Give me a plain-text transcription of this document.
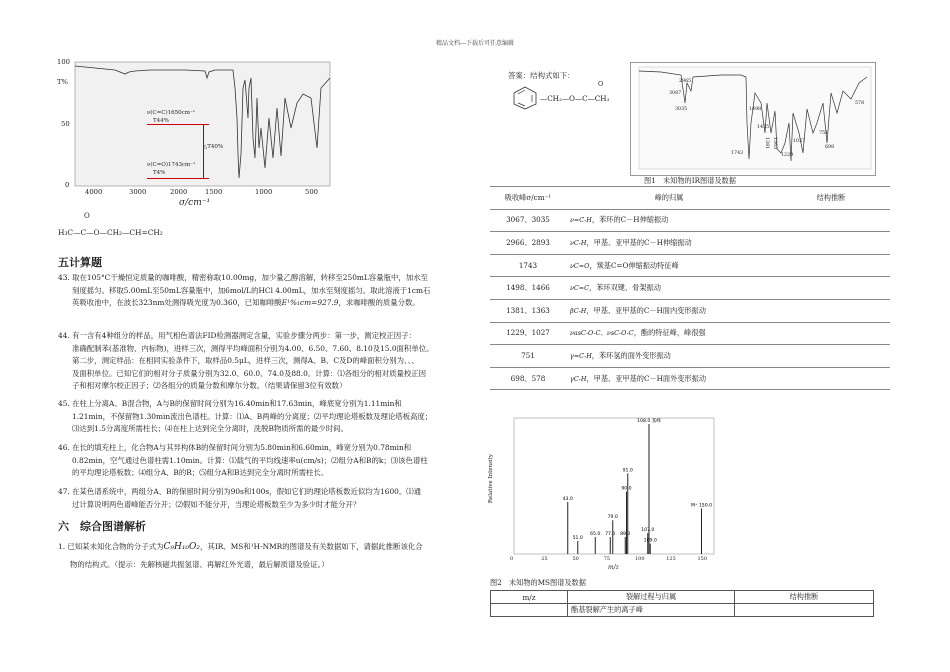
精品文档---下载后可任意编辑
100
T%
50
0
4000	3000	2000	1500	1000	500
σ/cm⁻¹
ν(C=C)1650cm⁻¹
T44%
△T40%
ν(C=O)1743cm⁻¹
T4%
O
H₃C—C—O—CH₂—CH=CH₂
五计算题
43. 取在105°C干燥恒定质量的咖啡酸，精密称取10.00mg，加少量乙醇溶解，转移至250mL容量瓶中，加水至
刻度摇匀。移取5.00mL至50mL容量瓶中，加6mol/L的HCl 4.00mL，加水至刻度摇匀。取此溶液于1cm石
英吸收池中，在波长323nm处测得吸光度为0.360，已知咖啡酸E¹%₁cm=927.9，求咖啡酸的质量分数。
44. 有一含有4种组分的样品，用气相色谱法FID检测器测定含量，实验步骤分两步：第一步，测定校正因子：
准确配制苯(基准物、内标物)，进样三次，测得平均峰面积分别为4.00、6.50、7.60、8.10及15.0面积单位。
第二步，测定样品：在相同实验条件下，取样品0.5μL，进样三次，测得A、B、C及D的峰面积分别为、、、
及面积单位。已知它们的相对分子质量分别为32.0、60.0、74.0及88.0。计算：⑴各组分的相对质量校正因
子和相对摩尔校正因子；⑵各组分的质量分数和摩尔分数。（结果请保留3位有效数）
45. 在柱上分离A、B混合物，A与B的保留时间分别为16.40min和17.63min，峰底宽分别为1.11min和
1.21min，不保留物1.30min流出色谱柱。计算：⑴A、B两峰的分离度；⑵平均理论塔板数及理论塔板高度；
⑶达到1.5分离度所需柱长；⑷在柱上达到完全分离时，洗脱B物质所需的最少时间。
46. 在长的填充柱上，化合物A与其异构体B的保留时间分别为5.80min和6.60min，峰宽分别为0.78min和
0.82min，空气通过色谱柱需1.10min。计算：⑴载气的平均线速率u(cm/s)；⑵组分A和B的k；⑶该色谱柱
的平均理论塔板数；⑷组分A、B的R；⑸组分A和B达到完全分离时所需柱长。
47. 在某色谱系统中，两组分A、B的保留时间分别为90s和100s，假如它们的理论塔板数近似均为1600。⑴通
过计算说明两色谱峰能否分开；⑵假如不能分开，当理论塔板数至少为多少时才能分开？
六　综合图谱解析
1. 已知某未知化合物的分子式为C₉H₁₀O₂，其IR、MS和¹H-NMR的图谱及有关数据如下，请据此推断该化合
物的结构式。（提示：先解核磁共振氢谱、再解红外光谱，最后解质谱及验证。）
答案：结构式如下：
O
—CH₂—O—C—CH₃
2965
3087
3035	1498
1455
1381 1363	1027
1229
751
698
578
1743
图1　未知物的IR图谱及数据
吸收峰σ/cm⁻¹	峰的归属	结构推断
3067、3035	ν=C-H，苯环的C－H伸缩振动	
2966、2893	νC-H，甲基、亚甲基的C－H伸缩振动	
1743	νC=O，羰基C=O伸缩振动特征峰	
1498、1466	νC=C，苯环双键、骨架振动	
1381、1363	βC-H，甲基、亚甲基的C－H面内变形振动	
1229、1027	νasC-O-C、νsC-O-C，酯的特征峰，峰很强	
751	γ=C-H，苯环氢的面外变形振动	
698、578	γC-H，甲基、亚甲基的C－H面外变形振动	
43.0
51.0
65.0 77.0
79.0
89.0
90.0
91.0
107.0
108.0 基峰
109.0
M⁺ 150.0
Relative Intensity
m/z
0	25	50	75	100	125	150
图2　未知物的MS图谱及数据
m/z	裂解过程与归属	结构推断
	酯基裂解产生的离子峰	
